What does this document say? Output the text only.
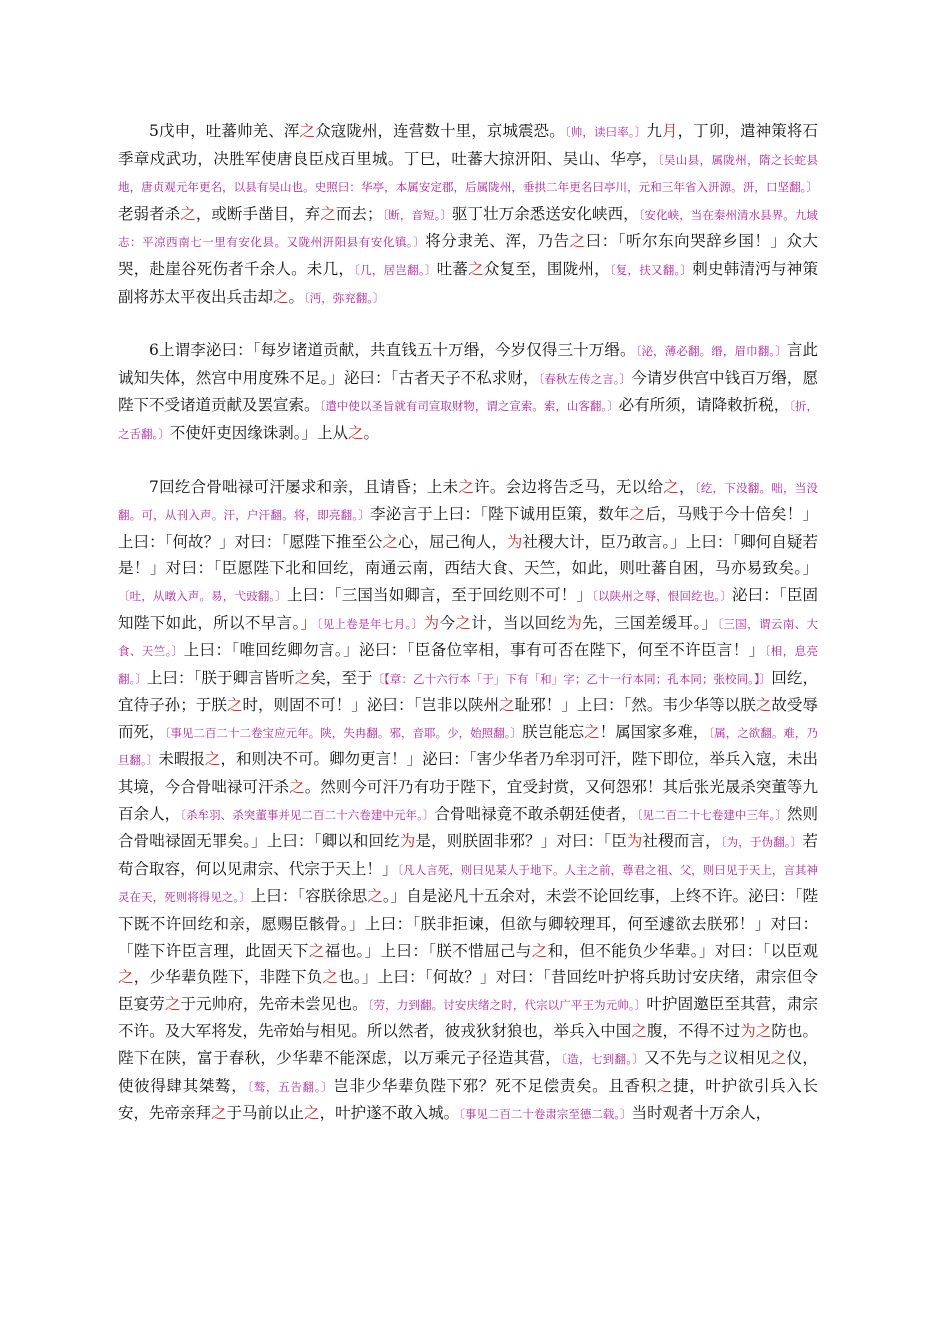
5戊申，吐蕃帅羌、浑之众寇陇州，连营数十里，京城震恐。〔帅，读曰率。〕九月，丁卯，遣神策将石季章戍武功，决胜军使唐良臣戍百里城。丁巳，吐蕃大掠汧阳、吴山、华亭，〔吴山县，属陇州，隋之长蛇县地，唐贞观元年更名，以县有吴山也。史照曰：华亭，本属安定郡，后属陇州，垂拱二年更名曰亭川，元和三年省入汧源。汧，口坚翻。〕老弱者杀之，或断手凿目，弃之而去；〔断，音短。〕驱丁壮万余悉送安化峡西，〔安化峡，当在秦州清水县界。九域志：平凉西南七一里有安化县。又陇州汧阳县有安化镇。〕将分隶羌、浑，乃告之曰：「听尔东向哭辞乡国！」众大哭，赴崖谷死伤者千余人。未几，〔几，居岂翻。〕吐蕃之众复至，围陇州，〔复，扶又翻。〕刺史韩清沔与神策副将苏太平夜出兵击却之。〔沔，弥兖翻。〕

6上谓李泌曰：「每岁诸道贡献，共直钱五十万缗，今岁仅得三十万缗。〔泌，薄必翻。缗，眉巾翻。〕言此诚知失体，然宫中用度殊不足。」泌曰：「古者天子不私求财，〔春秋左传之言。〕今请岁供宫中钱百万缗，愿陛下不受诸道贡献及罢宣索。〔遣中使以圣旨就有司宣取财物，谓之宣索。索，山客翻。〕必有所须，请降敕折税，〔折，之舌翻。〕不使奸吏因缘诛剥。」上从之。

7回纥合骨咄禄可汗屡求和亲，且请昏；上未之许。会边将告乏马，无以给之，〔纥，下没翻。咄，当没翻。可，从刊入声。汗，户汗翻。将，即亮翻。〕李泌言于上曰：「陛下诚用臣策，数年之后，马贱于今十倍矣！」上曰：「何故？」对曰：「愿陛下推至公之心，屈己徇人，为社稷大计，臣乃敢言。」上曰：「卿何自疑若是！」对曰：「臣愿陛下北和回纥，南通云南，西结大食、天竺，如此，则吐蕃自困，马亦易致矣。」〔吐，从暾入声。易，弋豉翻。〕上曰：「三国当如卿言，至于回纥则不可！」〔以陕州之辱，恨回纥也。〕泌曰：「臣固知陛下如此，所以不早言。」〔见上卷是年七月。〕为今之计，当以回纥为先，三国差缓耳。」〔三国，谓云南、大食、天竺。〕上曰：「唯回纥卿勿言。」泌曰：「臣备位宰相，事有可否在陛下，何至不许臣言！」〔相，息亮翻。〕上曰：「朕于卿言皆听之矣，至于〔【章：乙十六行本「于」下有「和」字；乙十一行本同；孔本同；张校同。】〕回纥，宜待子孙；于朕之时，则固不可！」泌曰：「岂非以陕州之耻邪！」上曰：「然。韦少华等以朕之故受辱而死，〔事见二百二十二卷宝应元年。陕，失冉翻。邪，音耶。少，始照翻。〕朕岂能忘之！属国家多难，〔属，之欲翻。难，乃旦翻。〕未暇报之，和则决不可。卿勿更言！」泌曰：「害少华者乃牟羽可汗，陛下即位，举兵入寇，未出其境，今合骨咄禄可汗杀之。然则今可汗乃有功于陛下，宜受封赏，又何怨邪！其后张光晟杀突董等九百余人，〔杀牟羽、杀突董事并见二百二十六卷建中元年。〕合骨咄禄竟不敢杀朝廷使者，〔见二百二十七卷建中三年。〕然则合骨咄禄固无罪矣。」上曰：「卿以和回纥为是，则朕固非邪？」对曰：「臣为社稷而言，〔为，于伪翻。〕若苟合取容，何以见肃宗、代宗于天上！」〔凡人言死，则曰见某人于地下。人主之前，尊君之祖、父，则曰见于天上，言其神灵在天，死则将得见之。〕上曰：「容朕徐思之。」自是泌凡十五余对，未尝不论回纥事，上终不许。泌曰：「陛下既不许回纥和亲，愿赐臣骸骨。」上曰：「朕非拒谏，但欲与卿较理耳，何至遽欲去朕邪！」对曰：「陛下许臣言理，此固天下之福也。」上曰：「朕不惜屈己与之和，但不能负少华辈。」对曰：「以臣观之，少华辈负陛下，非陛下负之也。」上曰：「何故？」对曰：「昔回纥叶护将兵助讨安庆绪，肃宗但令臣宴劳之于元帅府，先帝未尝见也。〔劳，力到翻。讨安庆绪之时，代宗以广平王为元帅。〕叶护固邀臣至其营，肃宗不许。及大军将发，先帝始与相见。所以然者，彼戎狄豺狼也，举兵入中国之腹，不得不过为之防也。陛下在陕，富于春秋，少华辈不能深虑，以万乘元子径造其营，〔造，七到翻。〕又不先与之议相见之仪，使彼得肆其桀骜，〔骜，五告翻。〕岂非少华辈负陛下邪？死不足偿责矣。且香积之捷，叶护欲引兵入长安，先帝亲拜之于马前以止之，叶护遂不敢入城。〔事见二百二十卷肃宗至德二载。〕当时观者十万余人，
